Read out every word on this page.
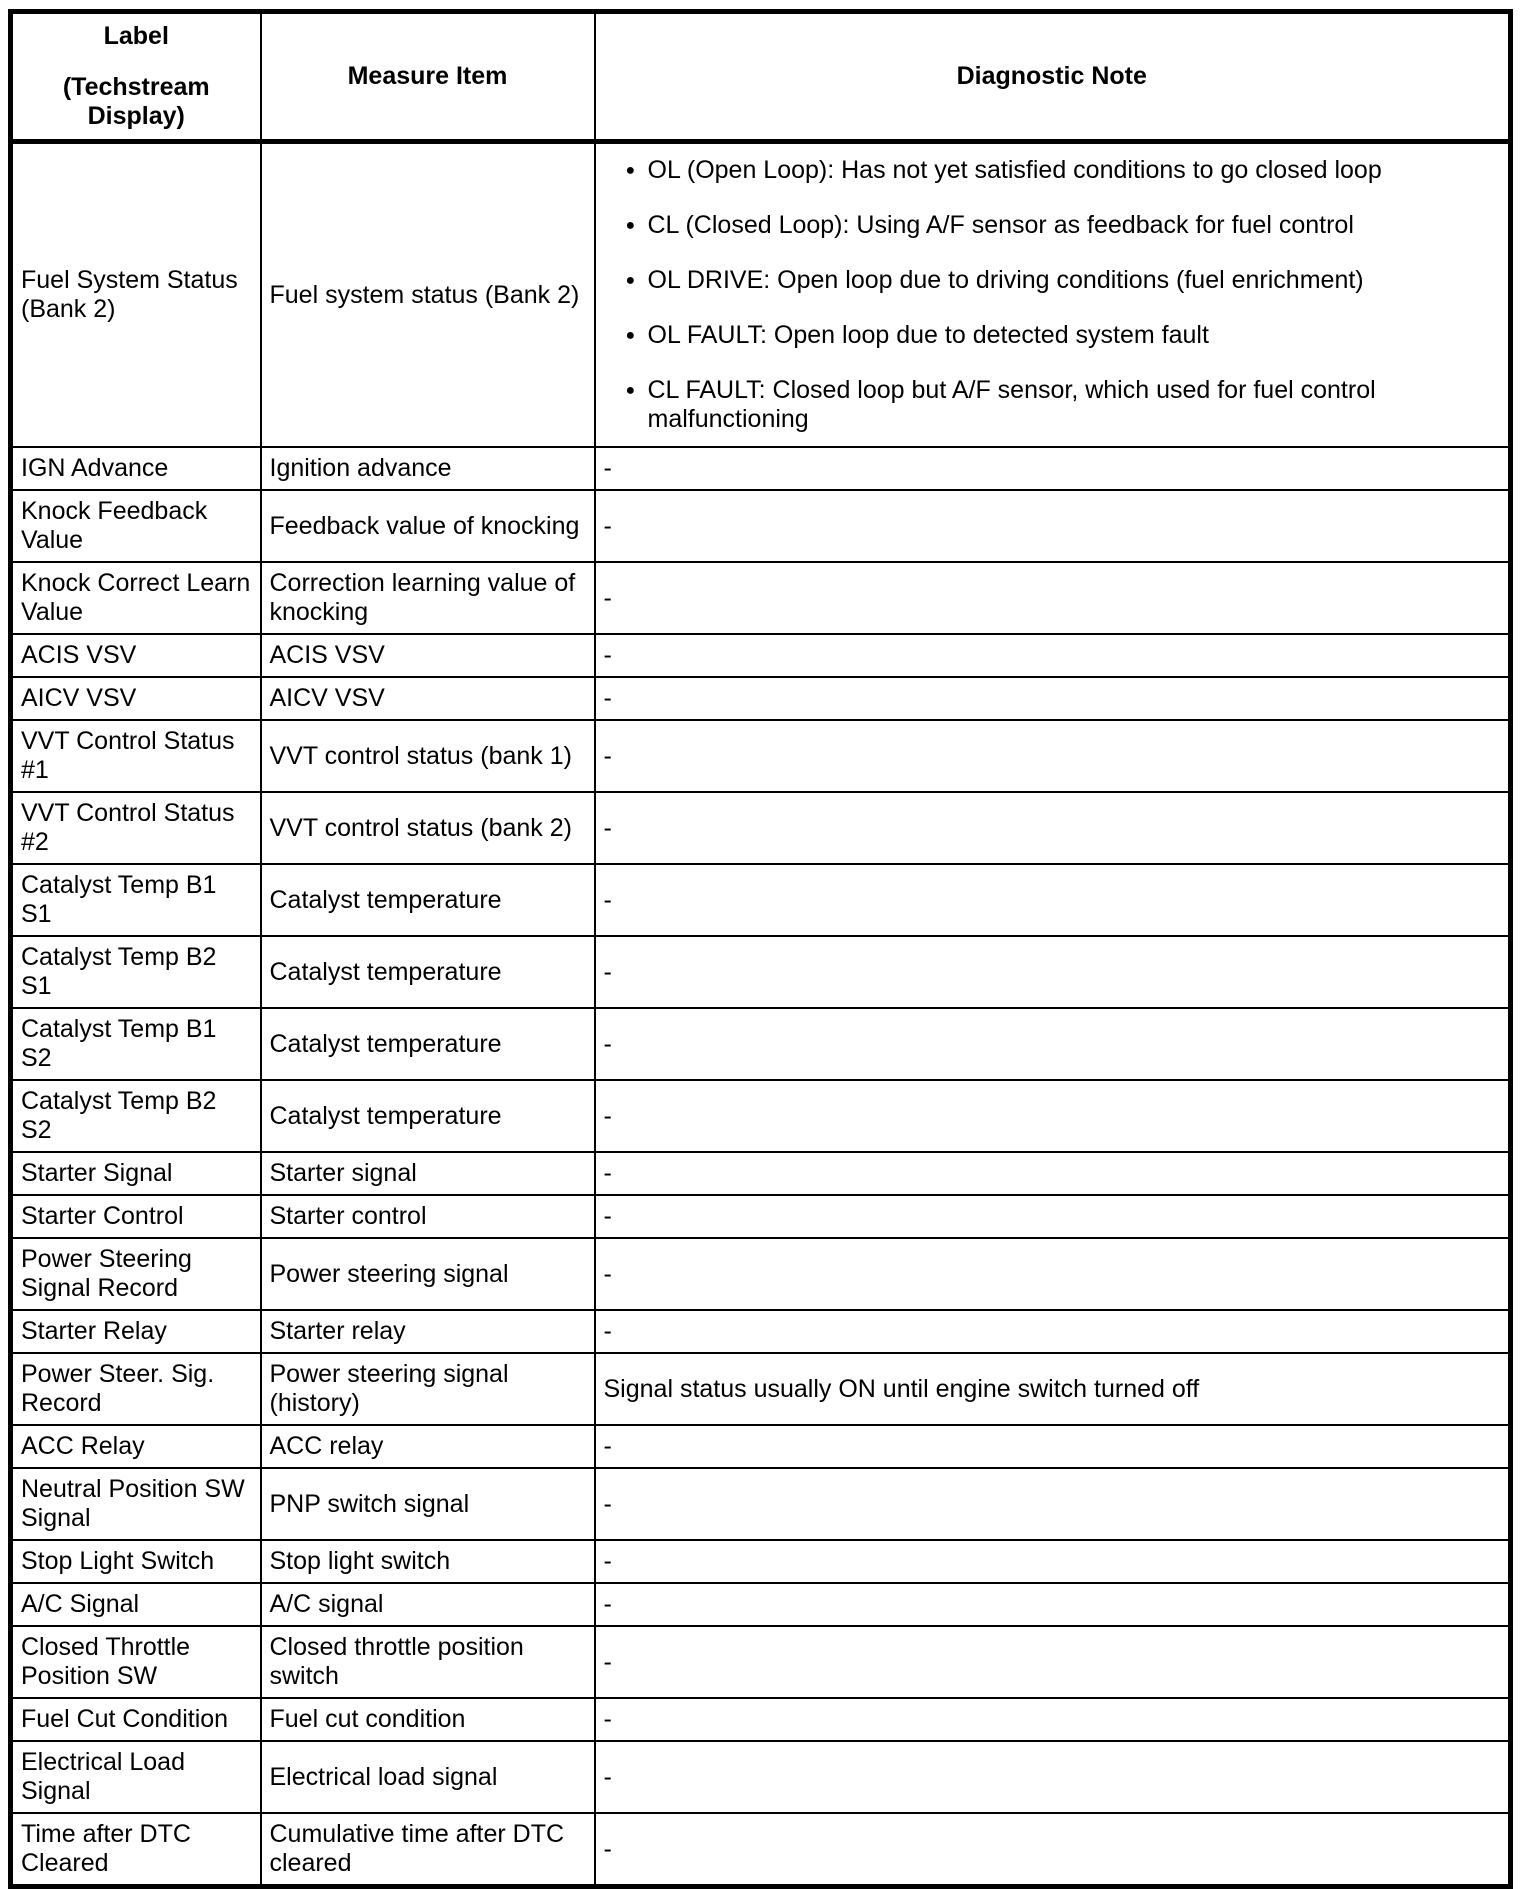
Label
(Techstream Display)	Measure Item	Diagnostic Note
Fuel System Status (Bank 2)	Fuel system status (Bank 2)	
● OL (Open Loop): Has not yet satisfied conditions to go closed loop
● CL (Closed Loop): Using A/F sensor as feedback for fuel control
● OL DRIVE: Open loop due to driving conditions (fuel enrichment)
● OL FAULT: Open loop due to detected system fault
● CL FAULT: Closed loop but A/F sensor, which used for fuel control malfunctioning

IGN Advance	Ignition advance	-
Knock Feedback Value	Feedback value of knocking	-
Knock Correct Learn Value	Correction learning value of knocking	-
ACIS VSV	ACIS VSV	-
AICV VSV	AICV VSV	-
VVT Control Status #1	VVT control status (bank 1)	-
VVT Control Status #2	VVT control status (bank 2)	-
Catalyst Temp B1 S1	Catalyst temperature	-
Catalyst Temp B2 S1	Catalyst temperature	-
Catalyst Temp B1 S2	Catalyst temperature	-
Catalyst Temp B2 S2	Catalyst temperature	-
Starter Signal	Starter signal	-
Starter Control	Starter control	-
Power Steering Signal Record	Power steering signal	-
Starter Relay	Starter relay	-
Power Steer. Sig. Record	Power steering signal (history)	Signal status usually ON until engine switch turned off
ACC Relay	ACC relay	-
Neutral Position SW Signal	PNP switch signal	-
Stop Light Switch	Stop light switch	-
A/C Signal	A/C signal	-
Closed Throttle Position SW	Closed throttle position switch	-
Fuel Cut Condition	Fuel cut condition	-
Electrical Load Signal	Electrical load signal	-
Time after DTC Cleared	Cumulative time after DTC cleared	-
